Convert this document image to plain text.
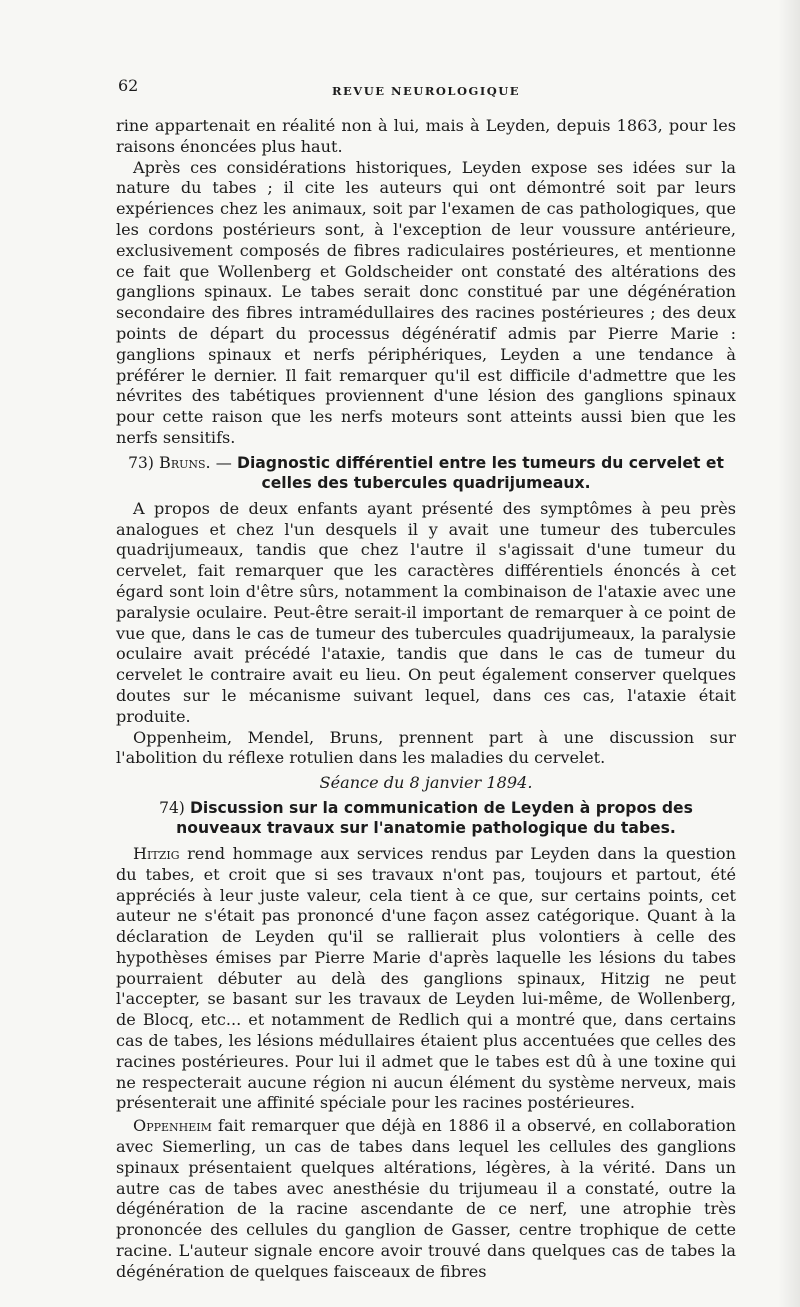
62	REVUE NEUROLOGIQUE

rine appartenait en réalité non à lui, mais à Leyden, depuis 1863, pour les raisons énoncées plus haut.

Après ces considérations historiques, Leyden expose ses idées sur la nature du tabes ; il cite les auteurs qui ont démontré soit par leurs expériences chez les animaux, soit par l'examen de cas pathologiques, que les cordons postérieurs sont, à l'exception de leur voussure antérieure, exclusivement composés de fibres radiculaires postérieures, et mentionne ce fait que Wollenberg et Goldscheider ont constaté des altérations des ganglions spinaux. Le tabes serait donc constitué par une dégénération secondaire des fibres intramédullaires des racines postérieures ; des deux points de départ du processus dégénératif admis par Pierre Marie : ganglions spinaux et nerfs périphériques, Leyden a une tendance à préférer le dernier. Il fait remarquer qu'il est difficile d'admettre que les névrites des tabétiques proviennent d'une lésion des ganglions spinaux pour cette raison que les nerfs moteurs sont atteints aussi bien que les nerfs sensitifs.

73) Bruns. — Diagnostic différentiel entre les tumeurs du cervelet et celles des tubercules quadrijumeaux.

A propos de deux enfants ayant présenté des symptômes à peu près analogues et chez l'un desquels il y avait une tumeur des tubercules quadrijumeaux, tandis que chez l'autre il s'agissait d'une tumeur du cervelet, fait remarquer que les caractères différentiels énoncés à cet égard sont loin d'être sûrs, notamment la combinaison de l'ataxie avec une paralysie oculaire. Peut-être serait-il important de remarquer à ce point de vue que, dans le cas de tumeur des tubercules quadrijumeaux, la paralysie oculaire avait précédé l'ataxie, tandis que dans le cas de tumeur du cervelet le contraire avait eu lieu. On peut également conserver quelques doutes sur le mécanisme suivant lequel, dans ces cas, l'ataxie était produite.

Oppenheim, Mendel, Bruns, prennent part à une discussion sur l'abolition du réflexe rotulien dans les maladies du cervelet.

Séance du 8 janvier 1894.
74) Discussion sur la communication de Leyden à propos des nouveaux travaux sur l'anatomie pathologique du tabes.

Hitzig rend hommage aux services rendus par Leyden dans la question du tabes, et croit que si ses travaux n'ont pas, toujours et partout, été appréciés à leur juste valeur, cela tient à ce que, sur certains points, cet auteur ne s'était pas prononcé d'une façon assez catégorique. Quant à la déclaration de Leyden qu'il se rallierait plus volontiers à celle des hypothèses émises par Pierre Marie d'après laquelle les lésions du tabes pourraient débuter au delà des ganglions spinaux, Hitzig ne peut l'accepter, se basant sur les travaux de Leyden lui-même, de Wollenberg, de Blocq, etc... et notamment de Redlich qui a montré que, dans certains cas de tabes, les lésions médullaires étaient plus accentuées que celles des racines postérieures. Pour lui il admet que le tabes est dû à une toxine qui ne respecterait aucune région ni aucun élément du système nerveux, mais présenterait une affinité spéciale pour les racines postérieures.

Oppenheim fait remarquer que déjà en 1886 il a observé, en collaboration avec Siemerling, un cas de tabes dans lequel les cellules des ganglions spinaux présentaient quelques altérations, légères, à la vérité. Dans un autre cas de tabes avec anesthésie du trijumeau il a constaté, outre la dégénération de la racine ascendante de ce nerf, une atrophie très prononcée des cellules du ganglion de Gasser, centre trophique de cette racine. L'auteur signale encore avoir trouvé dans quelques cas de tabes la dégénération de quelques faisceaux de fibres
